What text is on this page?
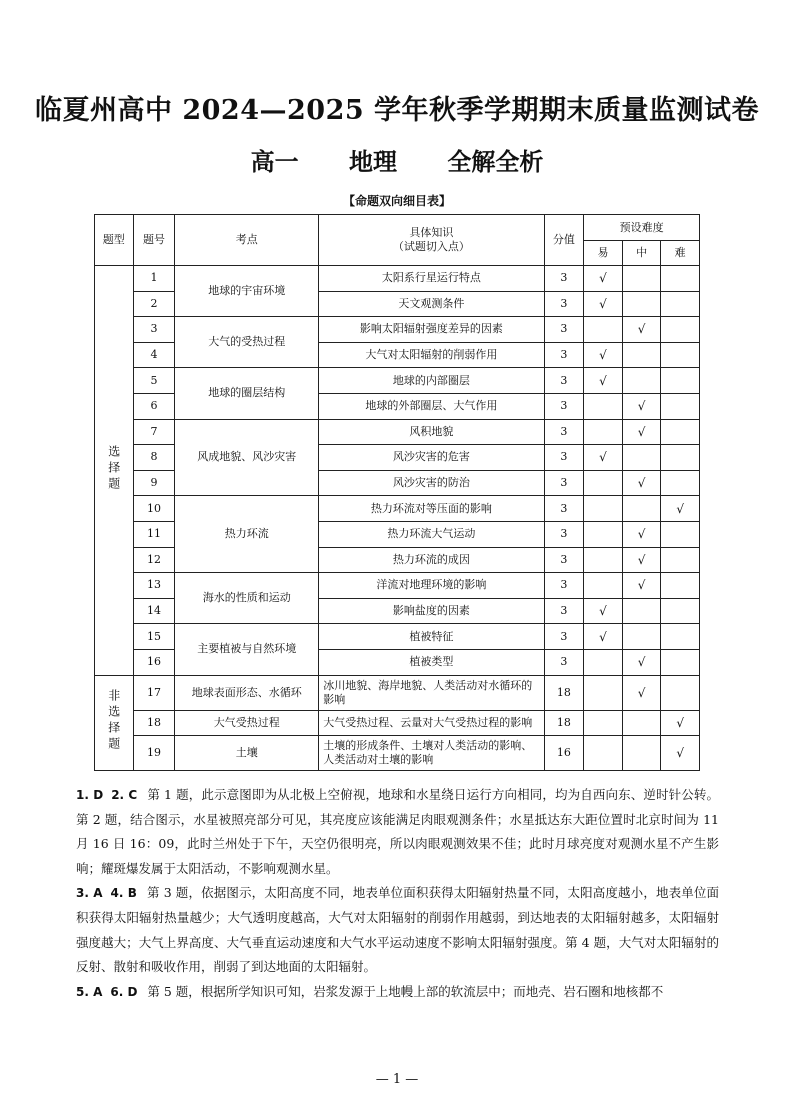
临夏州高中 2024—2025 学年秋季学期期末质量监测试卷
高一 地理 全解全析
【命题双向细目表】
题型	题号	考点	具体知识
（试题切入点）	分值	预设难度		
					易	中	难
选择题	1	地球的宇宙环境	太阳系行星运行特点	3	√		
	2		天文观测条件	3	√		
	3	大气的受热过程	影响太阳辐射强度差异的因素	3		√	
	4		大气对太阳辐射的削弱作用	3	√		
	5	地球的圈层结构	地球的内部圈层	3	√		
	6		地球的外部圈层、大气作用	3		√	
	7	风成地貌、风沙灾害	风积地貌	3		√	
	8		风沙灾害的危害	3	√		
	9		风沙灾害的防治	3		√	
	10	热力环流	热力环流对等压面的影响	3			√
	11		热力环流大气运动	3		√	
	12		热力环流的成因	3		√	
	13	海水的性质和运动	洋流对地理环境的影响	3		√	
	14		影响盐度的因素	3	√		
	15	主要植被与自然环境	植被特征	3	√		
	16		植被类型	3		√	
非选择题	17	地球表面形态、水循环	冰川地貌、海岸地貌、人类活动对水循环的影响	18		√	
	18	大气受热过程	大气受热过程、云量对大气受热过程的影响	18			√
	19	土壤	土壤的形成条件、土壤对人类活动的影响、人类活动对土壤的影响	16			√

1. D 2. C 第 1 题，此示意图即为从北极上空俯视，地球和水星绕日运行方向相同，均为自西向东、逆时针公转。第 2 题，结合图示，水星被照亮部分可见，其亮度应该能满足肉眼观测条件；水星抵达东大距位置时北京时间为 11 月 16 日 16：09，此时兰州处于下午，天空仍很明亮，所以肉眼观测效果不佳；此时月球亮度对观测水星不产生影响；耀斑爆发属于太阳活动，不影响观测水星。

3. A 4. B 第 3 题，依据图示，太阳高度不同，地表单位面积获得太阳辐射热量不同，太阳高度越小，地表单位面积获得太阳辐射热量越少；大气透明度越高，大气对太阳辐射的削弱作用越弱，到达地表的太阳辐射越多，太阳辐射强度越大；大气上界高度、大气垂直运动速度和大气水平运动速度不影响太阳辐射强度。第 4 题，大气对太阳辐射的反射、散射和吸收作用，削弱了到达地面的太阳辐射。

5. A 6. D 第 5 题，根据所学知识可知，岩浆发源于上地幔上部的软流层中；而地壳、岩石圈和地核都不

— 1 —
